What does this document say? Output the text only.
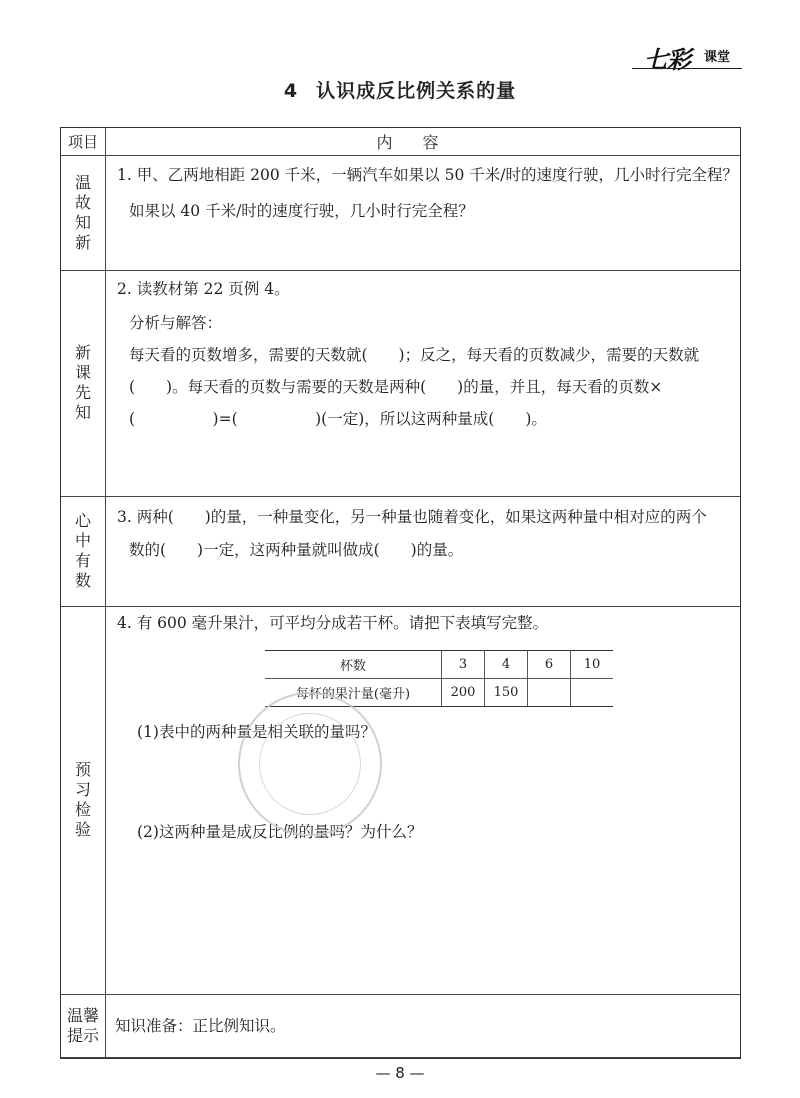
七彩 课堂
4 认识成反比例关系的量
项目	内容
温故知新
1. 甲、乙两地相距 200 千米，一辆汽车如果以 50 千米/时的速度行驶，几小时行完全程？
如果以 40 千米/时的速度行驶，几小时行完全程？
新课先知
2. 读教材第 22 页例 4。
分析与解答：
每天看的页数增多，需要的天数就(　　)；反之，每天看的页数减少，需要的天数就
(　　)。每天看的页数与需要的天数是两种(　　)的量，并且，每天看的页数×
(　　　　　)=(　　　　　)(一定)，所以这两种量成(　　)。
心中有数
3. 两种(　　)的量，一种量变化，另一种量也随着变化，如果这两种量中相对应的两个
数的(　　)一定，这两种量就叫做成(　　)的量。
预习检验
4. 有 600 毫升果汁，可平均分成若干杯。请把下表填写完整。
(1)表中的两种量是相关联的量吗？
(2)这两种量是成反比例的量吗？为什么？
温馨提示 知识准备：正比例知识。
杯数	3	4	6	10
每杯的果汁量(毫升)	200	150		
— 8 —
